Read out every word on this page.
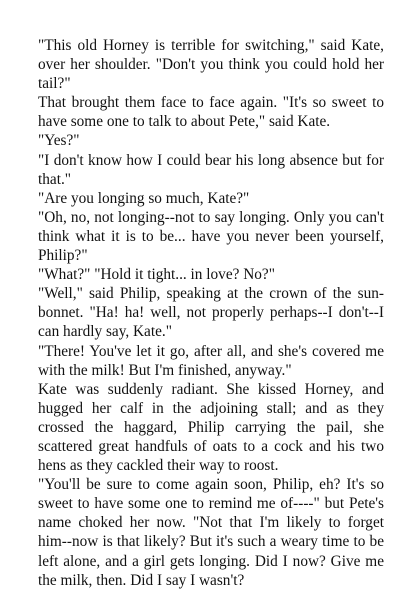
"This old Horney is terrible for switching," said Kate, over her shoulder. "Don't you think you could hold her tail?"

That brought them face to face again. "It's so sweet to have some one to talk to about Pete," said Kate.

"Yes?"

"I don't know how I could bear his long absence but for that."

"Are you longing so much, Kate?"

"Oh, no, not longing--not to say longing. Only you can't think what it is to be... have you never been yourself, Philip?"

"What?" "Hold it tight... in love? No?"

"Well," said Philip, speaking at the crown of the sun-bonnet. "Ha! ha! well, not properly perhaps--I don't--I can hardly say, Kate."

"There! You've let it go, after all, and she's covered me with the milk! But I'm finished, anyway."

Kate was suddenly radiant. She kissed Horney, and hugged her calf in the adjoining stall; and as they crossed the haggard, Philip carrying the pail, she scattered great handfuls of oats to a cock and his two hens as they cackled their way to roost.

"You'll be sure to come again soon, Philip, eh? It's so sweet to have some one to remind me of----" but Pete's name choked her now. "Not that I'm likely to forget him--now is that likely? But it's such a weary time to be left alone, and a girl gets longing. Did I now? Give me the milk, then. Did I say I wasn't?
